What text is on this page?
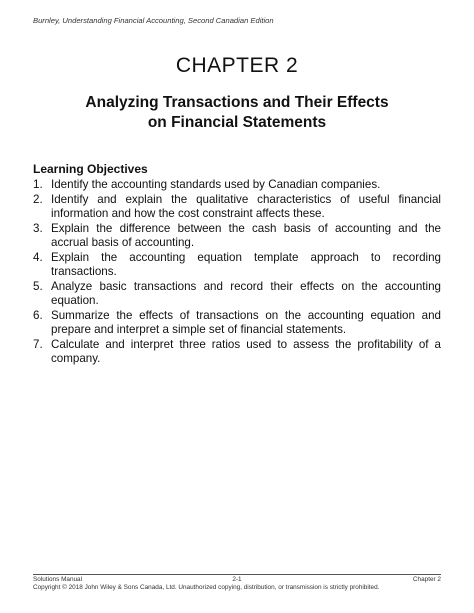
Burnley, Understanding Financial Accounting, Second Canadian Edition
CHAPTER 2
Analyzing Transactions and Their Effects
on Financial Statements
Learning Objectives
1. Identify the accounting standards used by Canadian companies.
2. Identify and explain the qualitative characteristics of useful financial information and how the cost constraint affects these.
3. Explain the difference between the cash basis of accounting and the accrual basis of accounting.
4. Explain the accounting equation template approach to recording transactions.
5. Analyze basic transactions and record their effects on the accounting equation.
6. Summarize the effects of transactions on the accounting equation and prepare and interpret a simple set of financial statements.
7. Calculate and interpret three ratios used to assess the profitability of a company.
Solutions Manual	2-1	Chapter 2
Copyright © 2018 John Wiley & Sons Canada, Ltd. Unauthorized copying, distribution, or transmission is strictly prohibited.
